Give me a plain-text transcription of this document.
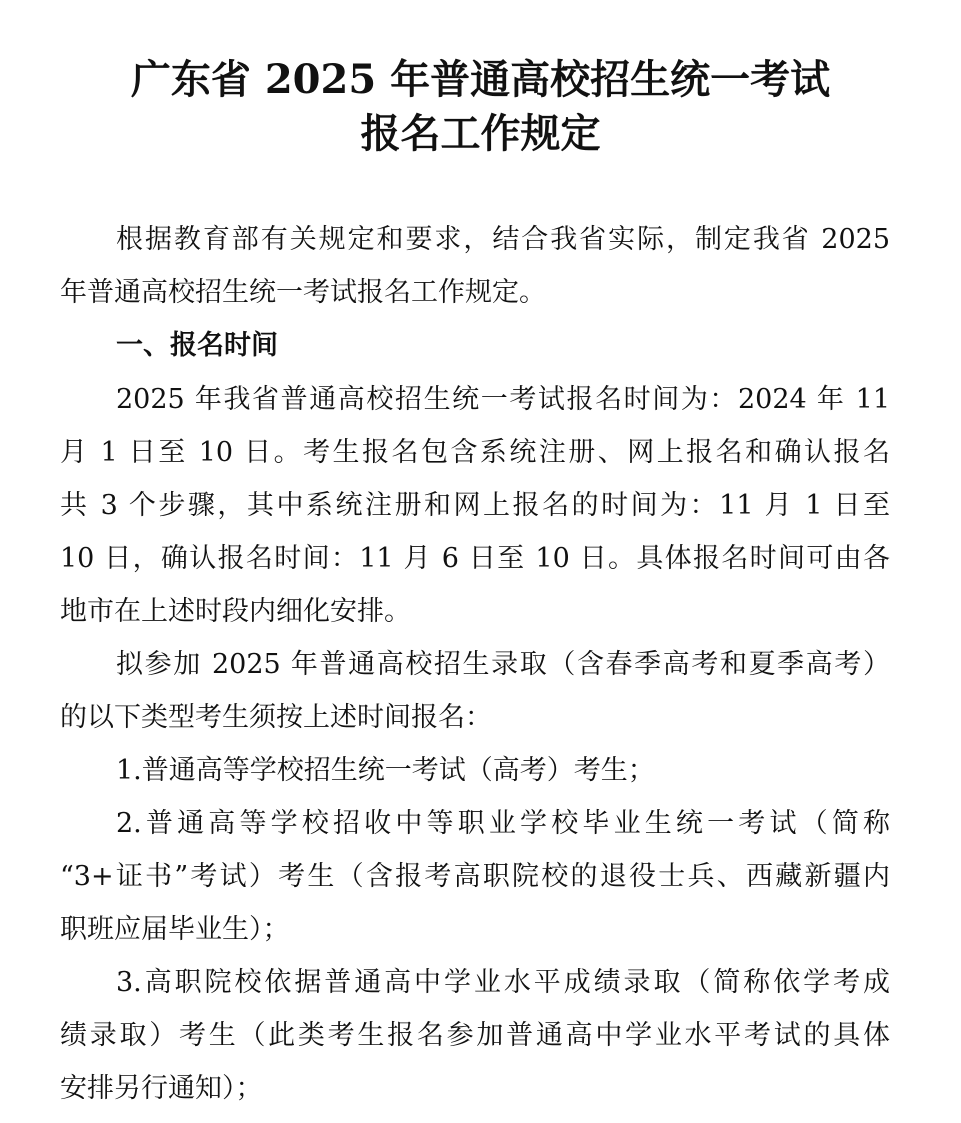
广东省 2025 年普通高校招生统一考试
报名工作规定
根据教育部有关规定和要求，结合我省实际，制定我省 2025
年普通高校招生统一考试报名工作规定。
一、报名时间
2025 年我省普通高校招生统一考试报名时间为：2024 年 11
月 1 日至 10 日。考生报名包含系统注册、网上报名和确认报名
共 3 个步骤，其中系统注册和网上报名的时间为：11 月 1 日至
10 日，确认报名时间：11 月 6 日至 10 日。具体报名时间可由各
地市在上述时段内细化安排。
拟参加 2025 年普通高校招生录取（含春季高考和夏季高考）
的以下类型考生须按上述时间报名：
1.普通高等学校招生统一考试（高考）考生；
2.普通高等学校招收中等职业学校毕业生统一考试（简称
“3+证书”考试）考生（含报考高职院校的退役士兵、西藏新疆内
职班应届毕业生）；
3.高职院校依据普通高中学业水平成绩录取（简称依学考成
绩录取）考生（此类考生报名参加普通高中学业水平考试的具体
安排另行通知）；
